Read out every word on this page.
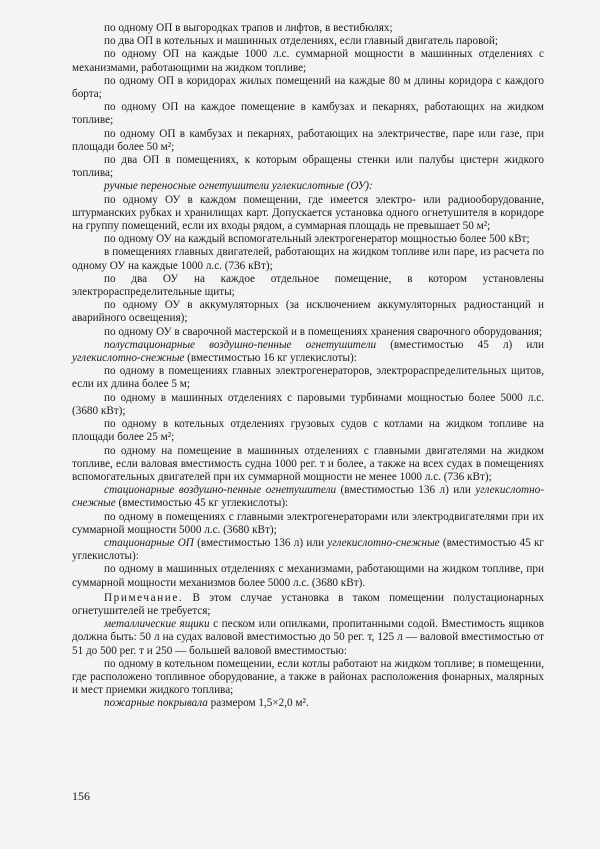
по одному ОП в выгородках трапов и лифтов, в вестибюлях;

по два ОП в котельных и машинных отделениях, если главный двигатель паровой;

по одному ОП на каждые 1000 л.с. суммарной мощности в машинных отделениях с механизмами, работающими на жидком топливе;

по одному ОП в коридорах жилых помещений на каждые 80 м длины коридора с каждого борта;

по одному ОП на каждое помещение в камбузах и пекарнях, работающих на жидком топливе;

по одному ОП в камбузах и пекарнях, работающих на электричестве, паре или газе, при площади более 50 м²;

по два ОП в помещениях, к которым обращены стенки или палубы цистерн жидкого топлива;

ручные переносные огнетушители углекислотные (ОУ):

по одному ОУ в каждом помещении, где имеется электро- или радиооборудование, штурманских рубках и хранилищах карт. Допускается установка одного огнетушителя в коридоре на группу помещений, если их входы рядом, а суммарная площадь не превышает 50 м²;

по одному ОУ на каждый вспомогательный электрогенератор мощностью более 500 кВт;

в помещениях главных двигателей, работающих на жидком топливе или паре, из расчета по одному ОУ на каждые 1000 л.с. (736 кВт);

по два ОУ на каждое отдельное помещение, в котором установлены электрораспределительные щиты;

по одному ОУ в аккумуляторных (за исключением аккумуляторных радиостанций и аварийного освещения);

по одному ОУ в сварочной мастерской и в помещениях хранения сварочного оборудования;

полустационарные воздушно-пенные огнетушители (вместимостью 45 л) или углекислотно-снежные (вместимостью 16 кг углекислоты):

по одному в помещениях главных электрогенераторов, электрораспределительных щитов, если их длина более 5 м;

по одному в машинных отделениях с паровыми турбинами мощностью более 5000 л.с. (3680 кВт);

по одному в котельных отделениях грузовых судов с котлами на жидком топливе на площади более 25 м²;

по одному на помещение в машинных отделениях с главными двигателями на жидком топливе, если валовая вместимость судна 1000 рег. т и более, а также на всех судах в помещениях вспомогательных двигателей при их суммарной мощности не менее 1000 л.с. (736 кВт);

стационарные воздушно-пенные огнетушители (вместимостью 136 л) или углекислотно-снежные (вместимостью 45 кг углекислоты):

по одному в помещениях с главными электрогенераторами или электродвигателями при их суммарной мощности 5000 л.с. (3680 кВт);

стационарные ОП (вместимостью 136 л) или углекислотно-снежные (вместимостью 45 кг углекислоты):

по одному в машинных отделениях с механизмами, работающими на жидком топливе, при суммарной мощности механизмов более 5000 л.с. (3680 кВт).

Примечание. В этом случае установка в таком помещении полустационарных огнетушителей не требуется;

металлические ящики с песком или опилками, пропитанными содой. Вместимость ящиков должна быть: 50 л на судах валовой вместимостью до 50 рег. т, 125 л — валовой вместимостью от 51 до 500 рег. т и 250 — большей валовой вместимостью:

по одному в котельном помещении, если котлы работают на жидком топливе; в помещении, где расположено топливное оборудование, а также в районах расположения фонарных, малярных и мест приемки жидкого топлива;

пожарные покрывала размером 1,5×2,0 м².

156
